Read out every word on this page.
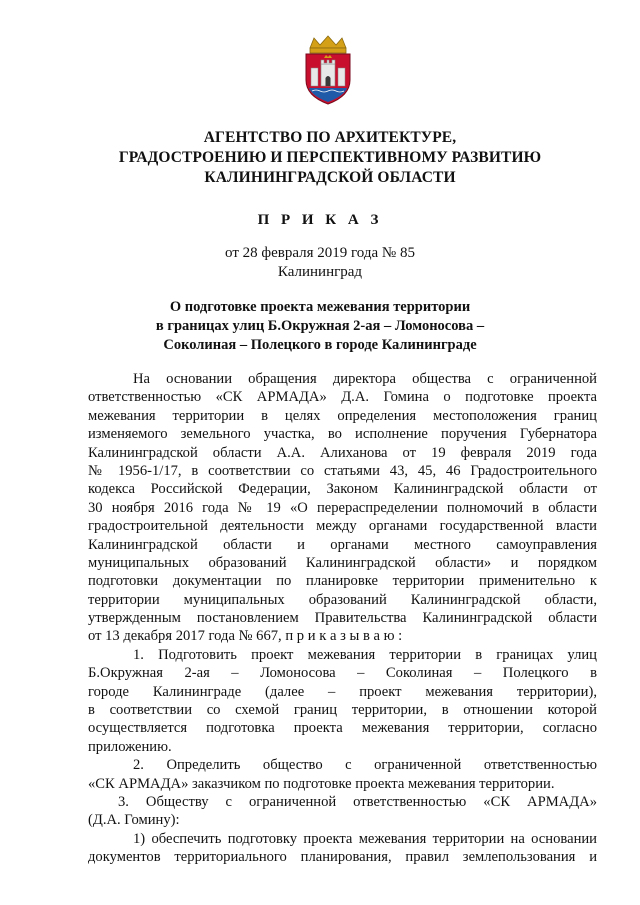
АГЕНТСТВО ПО АРХИТЕКТУРЕ,
ГРАДОСТРОЕНИЮ И ПЕРСПЕКТИВНОМУ РАЗВИТИЮ
КАЛИНИНГРАДСКОЙ ОБЛАСТИ
П Р И К А З
от 28 февраля 2019 года № 85
Калининград
О подготовке проекта межевания территории
в границах улиц Б.Окружная 2-ая – Ломоносова –
Соколиная – Полецкого в городе Калининграде
На основании обращения директора общества с ограниченной
ответственностью «СК АРМАДА» Д.А. Гомина о подготовке проекта
межевания территории в целях определения местоположения границ
изменяемого земельного участка, во исполнение поручения Губернатора
Калининградской области А.А. Алиханова от 19 февраля 2019 года
№ 1956-1/17, в соответствии со статьями 43, 45, 46 Градостроительного
кодекса Российской Федерации, Законом Калининградской области от
30 ноября 2016 года № 19 «О перераспределении полномочий в области
градостроительной деятельности между органами государственной власти
Калининградской области и органами местного самоуправления
муниципальных образований Калининградской области» и порядком
подготовки документации по планировке территории применительно к
территории муниципальных образований Калининградской области,
утвержденным постановлением Правительства Калининградской области
от 13 декабря 2017 года № 667, п р и к а з ы в а ю :
1. Подготовить проект межевания территории в границах улиц
Б.Окружная 2-ая – Ломоносова – Соколиная – Полецкого в
городе Калининграде (далее – проект межевания территории),
в соответствии со схемой границ территории, в отношении которой
осуществляется подготовка проекта межевания территории, согласно
приложению.
2. Определить общество с ограниченной ответственностью
«СК АРМАДА» заказчиком по подготовке проекта межевания территории.
3. Обществу с ограниченной ответственностью «СК АРМАДА»
(Д.А. Гомину):
1) обеспечить подготовку проекта межевания территории на основании
документов территориального планирования, правил землепользования и
